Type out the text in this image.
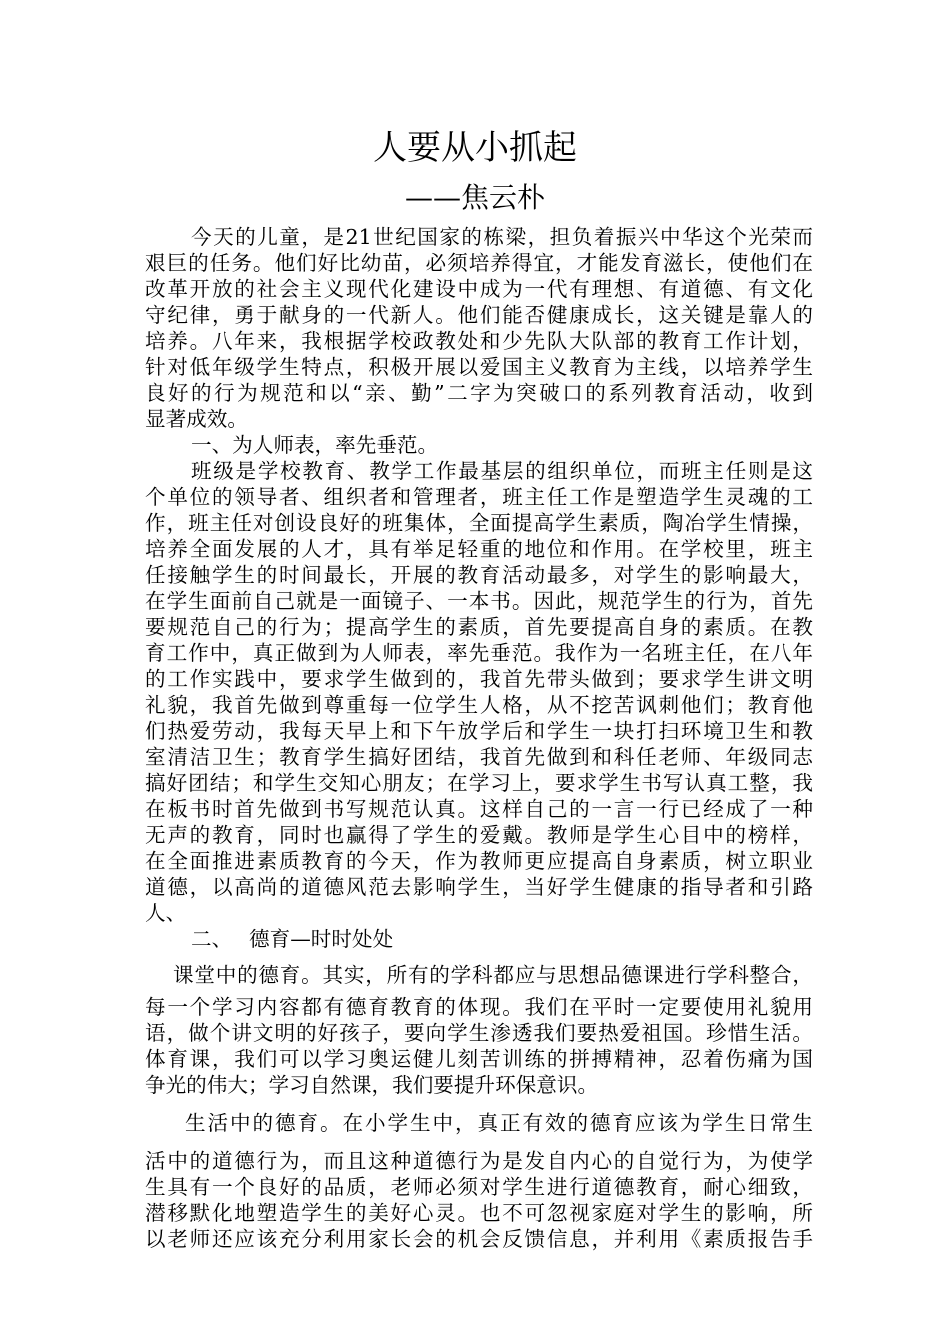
人要从小抓起
——焦云朴
今天的儿童，是21世纪国家的栋梁，担负着振兴中华这个光荣而
艰巨的任务。他们好比幼苗，必须培养得宜，才能发育滋长，使他们在
改革开放的社会主义现代化建设中成为一代有理想、有道德、有文化
守纪律，勇于献身的一代新人。他们能否健康成长，这关键是靠人的
培养。八年来，我根据学校政教处和少先队大队部的教育工作计划，
针对低年级学生特点，积极开展以爱国主义教育为主线，以培养学生
良好的行为规范和以“亲、勤”二字为突破口的系列教育活动，收到
显著成效。
一、为人师表，率先垂范。
班级是学校教育、教学工作最基层的组织单位，而班主任则是这
个单位的领导者、组织者和管理者，班主任工作是塑造学生灵魂的工
作，班主任对创设良好的班集体，全面提高学生素质，陶冶学生情操，
培养全面发展的人才，具有举足轻重的地位和作用。在学校里，班主
任接触学生的时间最长，开展的教育活动最多，对学生的影响最大，
在学生面前自己就是一面镜子、一本书。因此，规范学生的行为，首先
要规范自己的行为；提高学生的素质，首先要提高自身的素质。在教
育工作中，真正做到为人师表，率先垂范。我作为一名班主任，在八年
的工作实践中，要求学生做到的，我首先带头做到；要求学生讲文明
礼貌，我首先做到尊重每一位学生人格，从不挖苦讽刺他们；教育他
们热爱劳动，我每天早上和下午放学后和学生一块打扫环境卫生和教
室清洁卫生；教育学生搞好团结，我首先做到和科任老师、年级同志
搞好团结；和学生交知心朋友；在学习上，要求学生书写认真工整，我
在板书时首先做到书写规范认真。这样自己的一言一行已经成了一种
无声的教育，同时也赢得了学生的爱戴。教师是学生心目中的榜样，
在全面推进素质教育的今天，作为教师更应提高自身素质，树立职业
道德，以高尚的道德风范去影响学生，当好学生健康的指导者和引路
人、
二、　 德育—时时处处
课堂中的德育。其实，所有的学科都应与思想品德课进行学科整合，
每一个学习内容都有德育教育的体现。我们在平时一定要使用礼貌用
语，做个讲文明的好孩子，要向学生渗透我们要热爱祖国。珍惜生活。
体育课，我们可以学习奥运健儿刻苦训练的拼搏精神，忍着伤痛为国
争光的伟大；学习自然课，我们要提升环保意识。
生活中的德育。在小学生中，真正有效的德育应该为学生日常生
活中的道德行为，而且这种道德行为是发自内心的自觉行为，为使学
生具有一个良好的品质，老师必须对学生进行道德教育，耐心细致，
潜移默化地塑造学生的美好心灵。也不可忽视家庭对学生的影响，所
以老师还应该充分利用家长会的机会反馈信息，并利用《素质报告手
